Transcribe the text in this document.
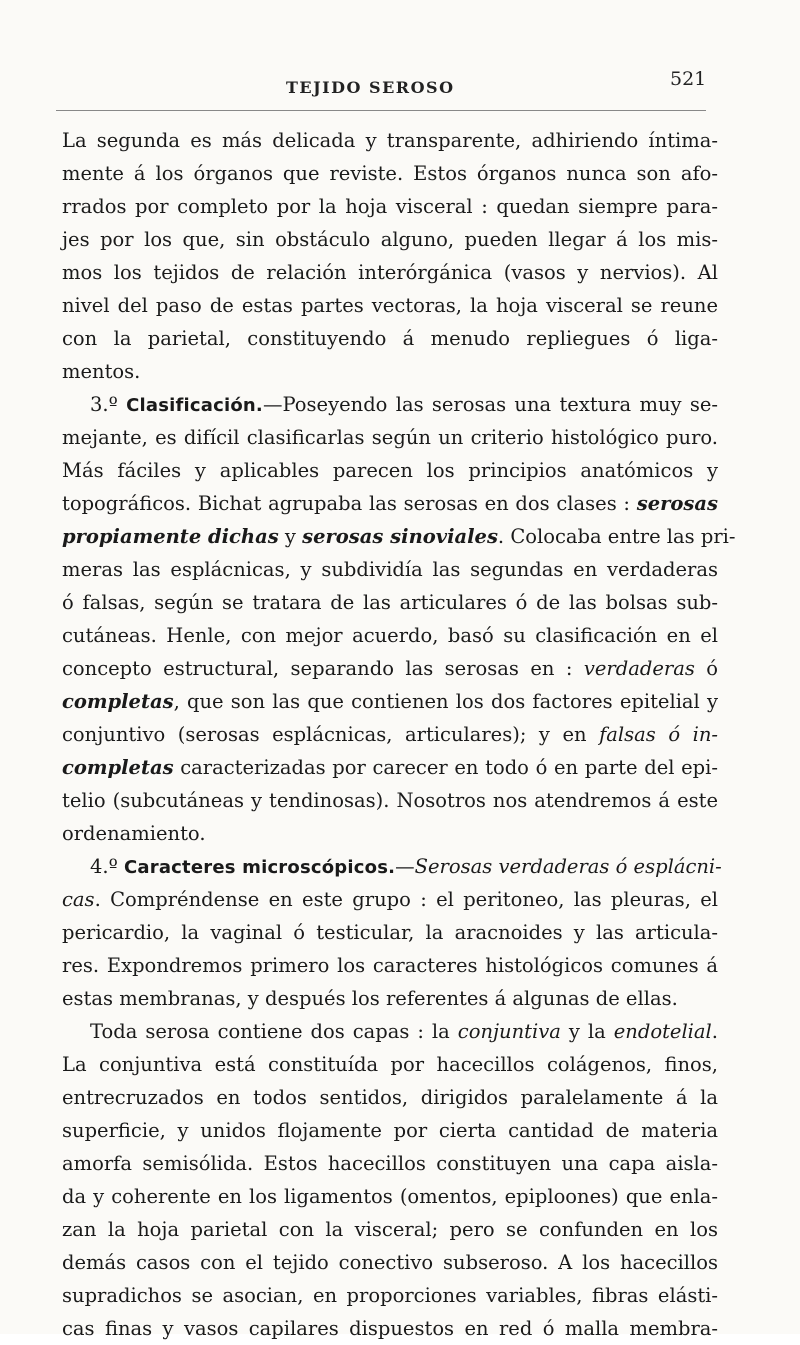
TEJIDO SEROSO	521
La segunda es más delicada y transparente, adhiriendo íntima-
mente á los órganos que reviste. Estos órganos nunca son afo-
rrados por completo por la hoja visceral : quedan siempre para-
jes por los que, sin obstáculo alguno, pueden llegar á los mis-
mos los tejidos de relación interórgánica (vasos y nervios). Al
nivel del paso de estas partes vectoras, la hoja visceral se reune
con la parietal, constituyendo á menudo repliegues ó liga-
mentos.
3.º Clasificación.—Poseyendo las serosas una textura muy se-
mejante, es difícil clasificarlas según un criterio histológico puro.
Más fáciles y aplicables parecen los principios anatómicos y
topográficos. Bichat agrupaba las serosas en dos clases : serosas
propiamente dichas y serosas sinoviales. Colocaba entre las pri-
meras las esplácnicas, y subdividía las segundas en verdaderas
ó falsas, según se tratara de las articulares ó de las bolsas sub-
cutáneas. Henle, con mejor acuerdo, basó su clasificación en el
concepto estructural, separando las serosas en : verdaderas ó
completas, que son las que contienen los dos factores epitelial y
conjuntivo (serosas esplácnicas, articulares); y en falsas ó in-
completas caracterizadas por carecer en todo ó en parte del epi-
telio (subcutáneas y tendinosas). Nosotros nos atendremos á este
ordenamiento.
4.º Caracteres microscópicos.—Serosas verdaderas ó esplácni-
cas. Compréndense en este grupo : el peritoneo, las pleuras, el
pericardio, la vaginal ó testicular, la aracnoides y las articula-
res. Expondremos primero los caracteres histológicos comunes á
estas membranas, y después los referentes á algunas de ellas.
Toda serosa contiene dos capas : la conjuntiva y la endotelial.
La conjuntiva está constituída por hacecillos colágenos, finos,
entrecruzados en todos sentidos, dirigidos paralelamente á la
superficie, y unidos flojamente por cierta cantidad de materia
amorfa semisólida. Estos hacecillos constituyen una capa aisla-
da y coherente en los ligamentos (omentos, epiploones) que enla-
zan la hoja parietal con la visceral; pero se confunden en los
demás casos con el tejido conectivo subseroso. A los hacecillos
supradichos se asocian, en proporciones variables, fibras elásti-
cas finas y vasos capilares dispuestos en red ó malla membra-
